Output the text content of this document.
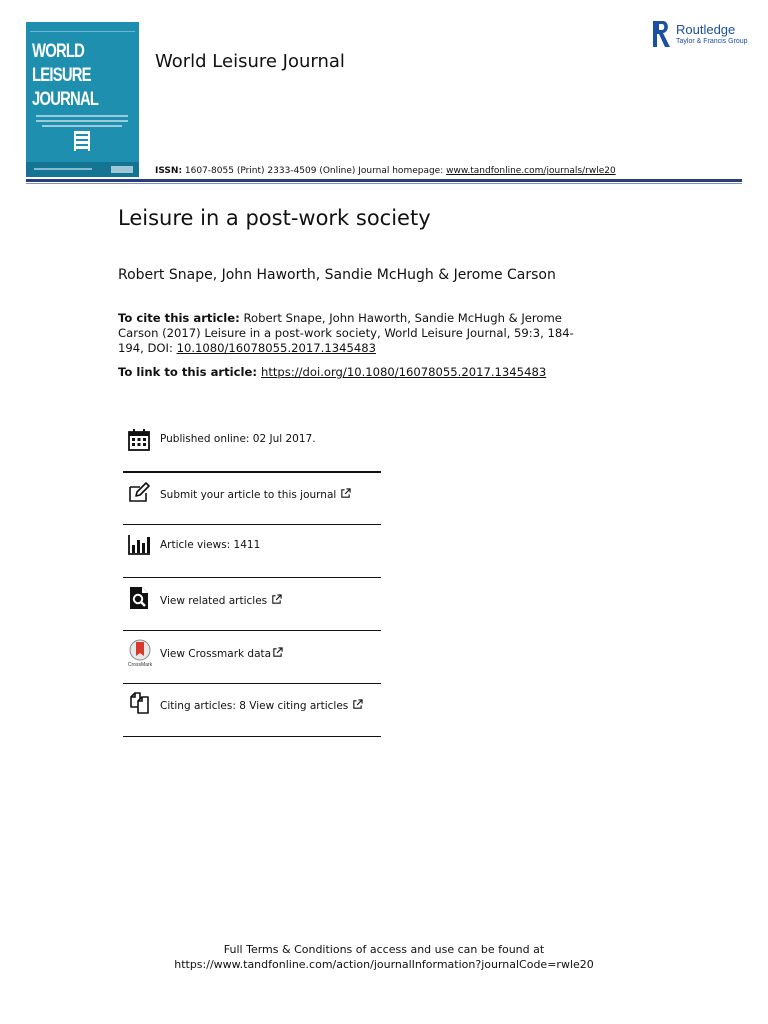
WORLD
LEISURE
JOURNAL
World Leisure Journal
Routledge
Taylor & Francis Group
ISSN: 1607-8055 (Print) 2333-4509 (Online) Journal homepage: www.tandfonline.com/journals/rwle20
Leisure in a post-work society
Robert Snape, John Haworth, Sandie McHugh & Jerome Carson
To cite this article: Robert Snape, John Haworth, Sandie McHugh & Jerome Carson (2017) Leisure in a post-work society, World Leisure Journal, 59:3, 184-194, DOI: 10.1080/16078055.2017.1345483
To link to this article: https://doi.org/10.1080/16078055.2017.1345483
Published online: 02 Jul 2017.
Submit your article to this journal
Article views: 1411
View related articles
CrossMark
View Crossmark data
Citing articles: 8 View citing articles
Full Terms & Conditions of access and use can be found at
https://www.tandfonline.com/action/journalInformation?journalCode=rwle20
